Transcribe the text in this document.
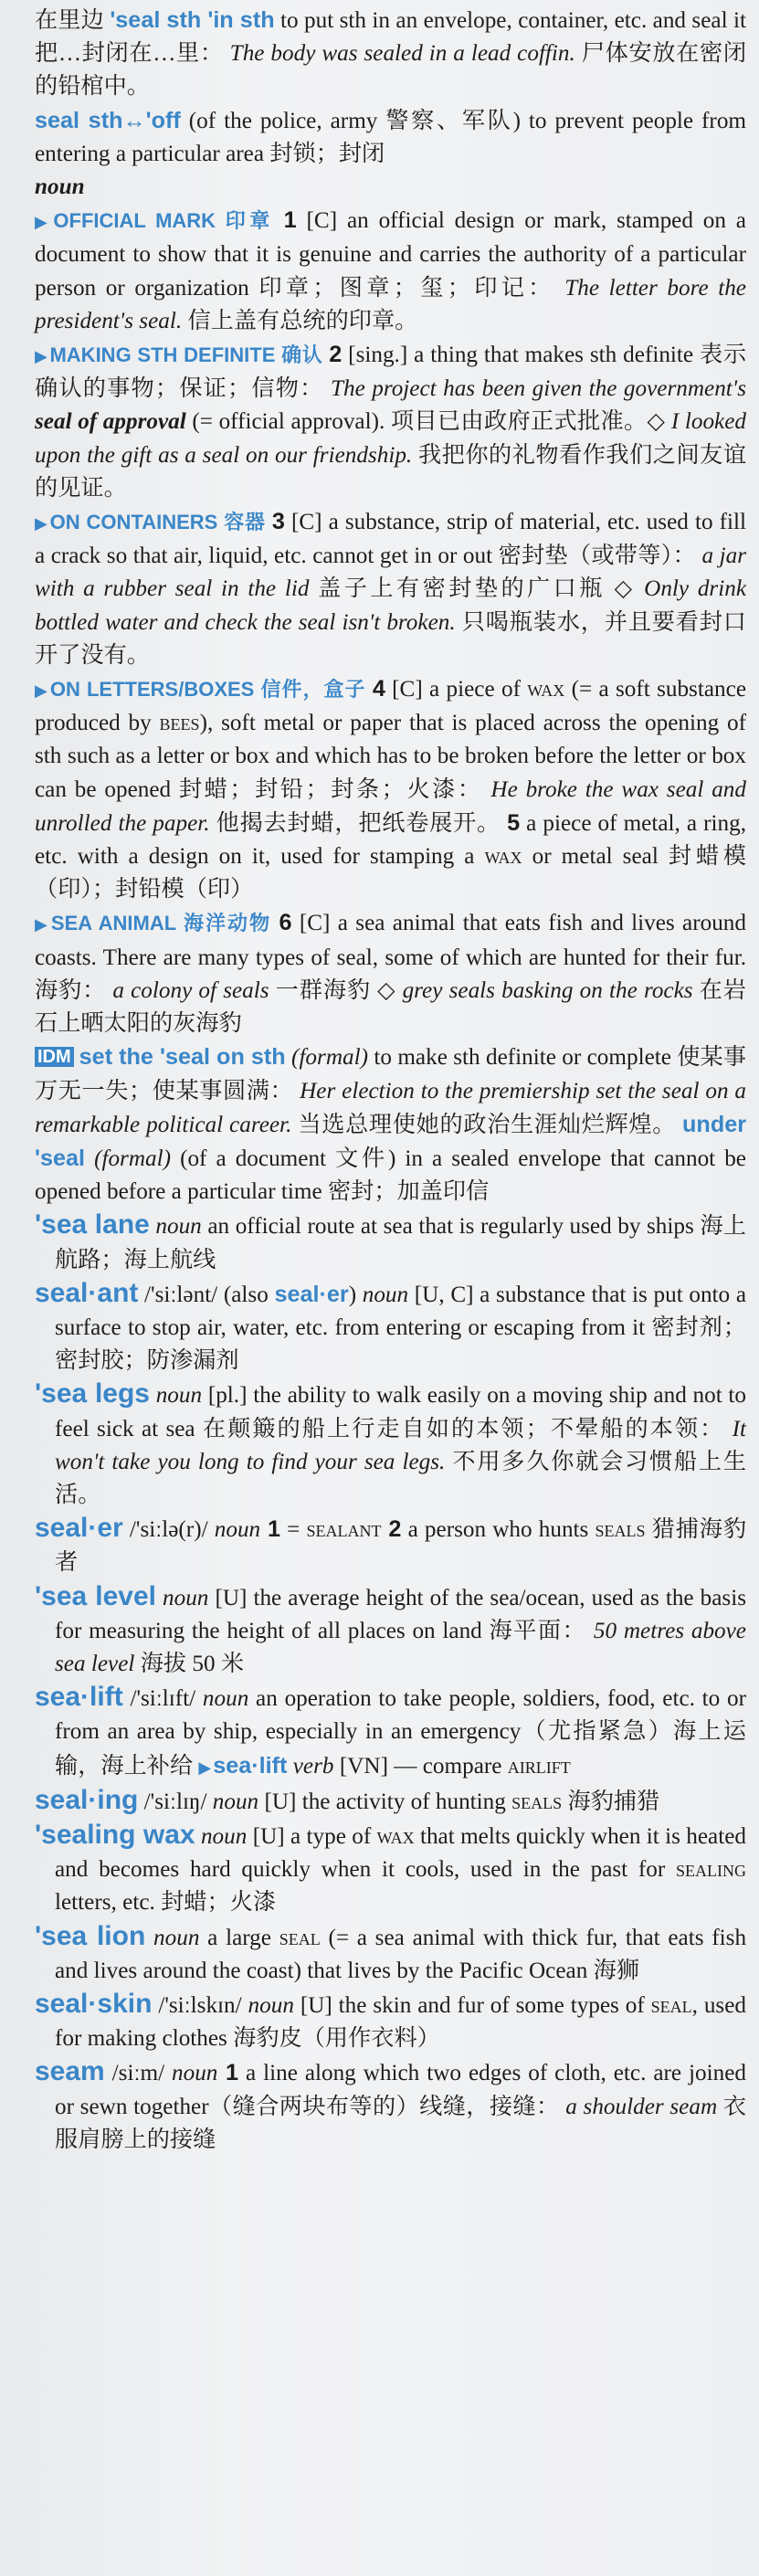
在里边 'seal sth 'in sth to put sth in an envelope, container, etc. and seal it 把…封闭在…里： The body was sealed in a lead coffin. 尸体安放在密闭的铅棺中。

seal sth↔'off (of the police, army 警察、军队) to prevent people from entering a particular area 封锁；封闭

noun

▶OFFICIAL MARK 印章 1 [C] an official design or mark, stamped on a document to show that it is genuine and carries the authority of a particular person or organization 印章；图章；玺；印记： The letter bore the president's seal. 信上盖有总统的印章。

▶MAKING STH DEFINITE 确认 2 [sing.] a thing that makes sth definite 表示确认的事物；保证；信物： The project has been given the government's seal of approval (= official approval). 项目已由政府正式批准。◇ I looked upon the gift as a seal on our friendship. 我把你的礼物看作我们之间友谊的见证。

▶ON CONTAINERS 容器 3 [C] a substance, strip of material, etc. used to fill a crack so that air, liquid, etc. cannot get in or out 密封垫（或带等）： a jar with a rubber seal in the lid 盖子上有密封垫的广口瓶 ◇ Only drink bottled water and check the seal isn't broken. 只喝瓶装水，并且要看封口开了没有。

▶ON LETTERS/BOXES 信件，盒子 4 [C] a piece of wax (= a soft substance produced by bees), soft metal or paper that is placed across the opening of sth such as a letter or box and which has to be broken before the letter or box can be opened 封蜡；封铅；封条；火漆： He broke the wax seal and unrolled the paper. 他揭去封蜡，把纸卷展开。 5 a piece of metal, a ring, etc. with a design on it, used for stamping a wax or metal seal 封蜡模（印）；封铅模（印）

▶SEA ANIMAL 海洋动物 6 [C] a sea animal that eats fish and lives around coasts. There are many types of seal, some of which are hunted for their fur. 海豹： a colony of seals 一群海豹 ◇ grey seals basking on the rocks 在岩石上晒太阳的灰海豹

IDM set the 'seal on sth (formal) to make sth definite or complete 使某事万无一失；使某事圆满： Her election to the premiership set the seal on a remarkable political career. 当选总理使她的政治生涯灿烂辉煌。 under 'seal (formal) (of a document 文件) in a sealed envelope that cannot be opened before a particular time 密封；加盖印信

'sea lane noun an official route at sea that is regularly used by ships 海上航路；海上航线

seal·ant /'siːlənt/ (also seal·er) noun [U, C] a substance that is put onto a surface to stop air, water, etc. from entering or escaping from it 密封剂；密封胶；防渗漏剂

'sea legs noun [pl.] the ability to walk easily on a moving ship and not to feel sick at sea 在颠簸的船上行走自如的本领；不晕船的本领： It won't take you long to find your sea legs. 不用多久你就会习惯船上生活。

seal·er /'siːlə(r)/ noun 1 = sealant 2 a person who hunts seals 猎捕海豹者

'sea level noun [U] the average height of the sea/ocean, used as the basis for measuring the height of all places on land 海平面： 50 metres above sea level 海拔 50 米

sea·lift /'siːlɪft/ noun an operation to take people, soldiers, food, etc. to or from an area by ship, especially in an emergency（尤指紧急）海上运输，海上补给 ▶sea·lift verb [VN] — compare airlift

seal·ing /'siːlɪŋ/ noun [U] the activity of hunting seals 海豹捕猎

'sealing wax noun [U] a type of wax that melts quickly when it is heated and becomes hard quickly when it cools, used in the past for sealing letters, etc. 封蜡；火漆

'sea lion noun a large seal (= a sea animal with thick fur, that eats fish and lives around the coast) that lives by the Pacific Ocean 海狮

seal·skin /'siːlskɪn/ noun [U] the skin and fur of some types of seal, used for making clothes 海豹皮（用作衣料）

seam /siːm/ noun 1 a line along which two edges of cloth, etc. are joined or sewn together（缝合两块布等的）线缝，接缝： a shoulder seam 衣服肩膀上的接缝
